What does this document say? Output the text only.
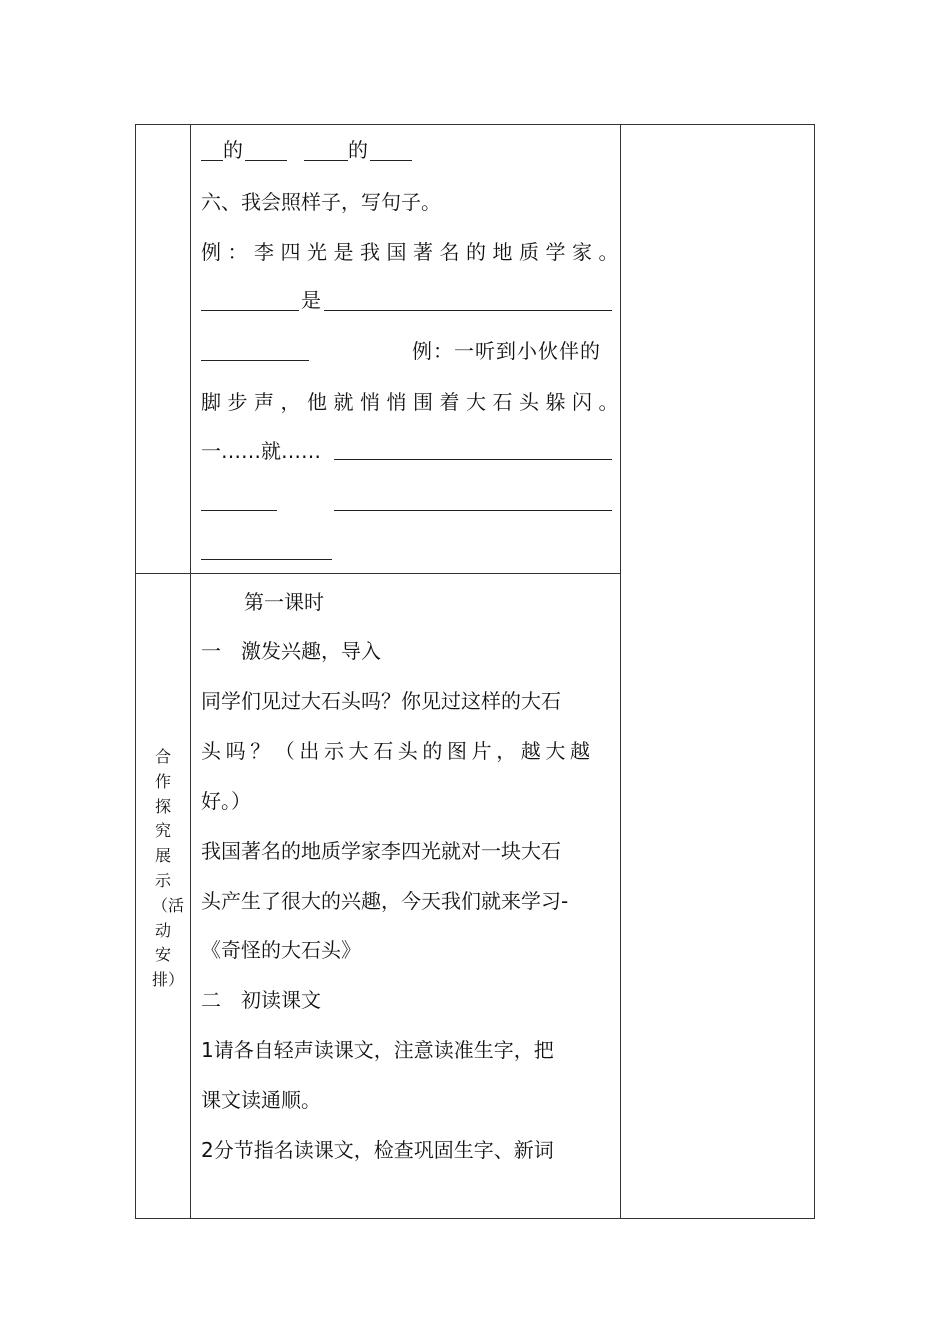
的	的
六、我会照样子，写句子。
例：李四光是我国著名的地质学家。
是
例：一听到小伙伴的
脚步声，他就悄悄围着大石头躲闪。
一……就……
合作探究展示（活动安排）
第一课时
一　激发兴趣，导入
同学们见过大石头吗？你见过这样的大石
头吗？（出示大石头的图片，越大越
好。）
我国著名的地质学家李四光就对一块大石
头产生了很大的兴趣，今天我们就来学习-
《奇怪的大石头》
二　初读课文
1请各自轻声读课文，注意读准生字，把
课文读通顺。
2分节指名读课文，检查巩固生字、新词
